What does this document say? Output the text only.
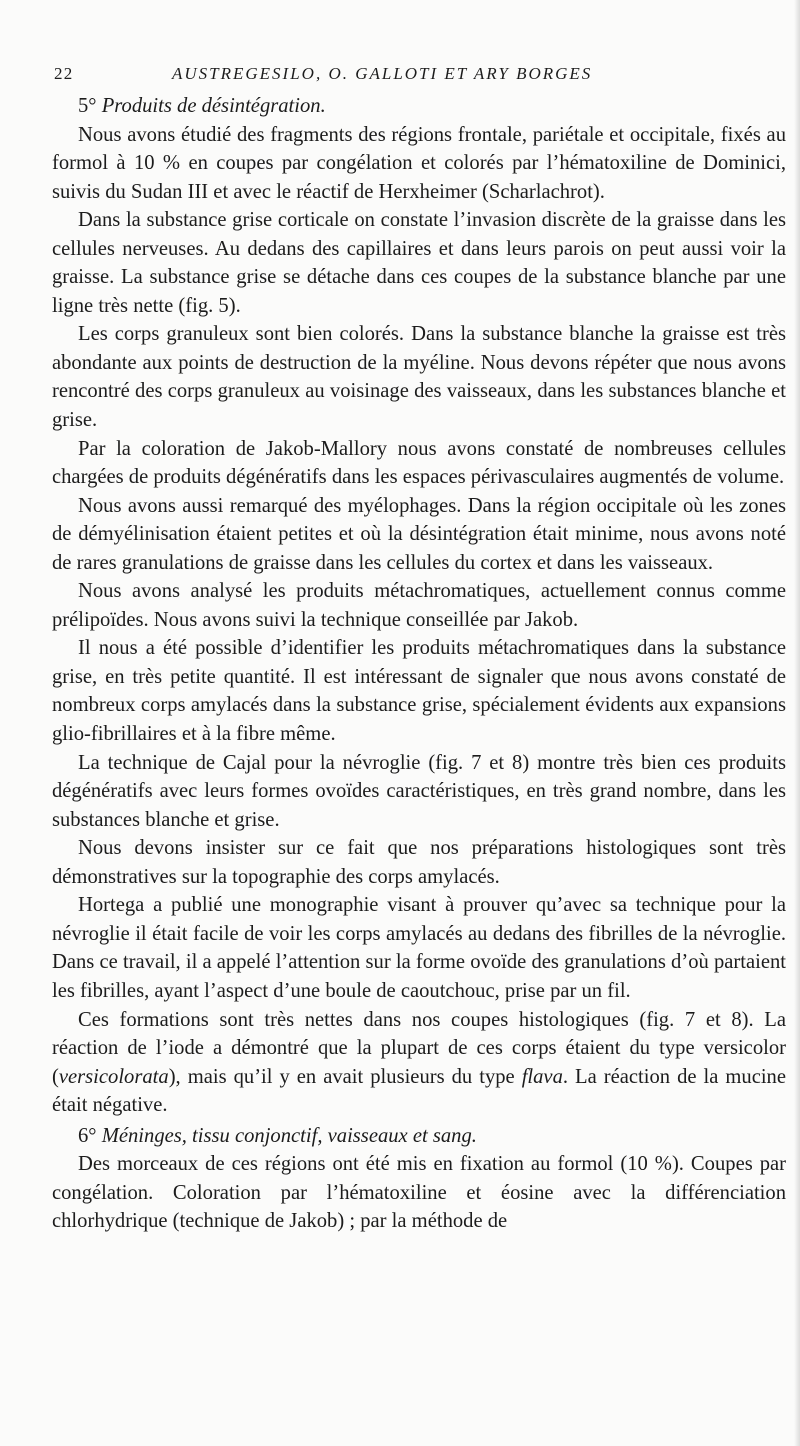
22	AUSTREGESILO, O. GALLOTI ET ARY BORGES

5° Produits de désintégration.

Nous avons étudié des fragments des régions frontale, pariétale et occipitale, fixés au formol à 10 % en coupes par congélation et colorés par l’hématoxiline de Dominici, suivis du Sudan III et avec le réactif de Herxheimer (Scharlachrot).

Dans la substance grise corticale on constate l’invasion discrète de la graisse dans les cellules nerveuses. Au dedans des capillaires et dans leurs parois on peut aussi voir la graisse. La substance grise se détache dans ces coupes de la substance blanche par une ligne très nette (fig. 5).

Les corps granuleux sont bien colorés. Dans la substance blanche la graisse est très abondante aux points de destruction de la myéline. Nous devons répéter que nous avons rencontré des corps granuleux au voisinage des vaisseaux, dans les substances blanche et grise.

Par la coloration de Jakob-Mallory nous avons constaté de nombreuses cellules chargées de produits dégénératifs dans les espaces périvasculaires augmentés de volume.

Nous avons aussi remarqué des myélophages. Dans la région occipitale où les zones de démyélinisation étaient petites et où la désintégration était minime, nous avons noté de rares granulations de graisse dans les cellules du cortex et dans les vaisseaux.

Nous avons analysé les produits métachromatiques, actuellement connus comme prélipoïdes. Nous avons suivi la technique conseillée par Jakob.

Il nous a été possible d’identifier les produits métachromatiques dans la substance grise, en très petite quantité. Il est intéressant de signaler que nous avons constaté de nombreux corps amylacés dans la substance grise, spécialement évidents aux expansions glio-fibrillaires et à la fibre même.

La technique de Cajal pour la névroglie (fig. 7 et 8) montre très bien ces produits dégénératifs avec leurs formes ovoïdes caractéristiques, en très grand nombre, dans les substances blanche et grise.

Nous devons insister sur ce fait que nos préparations histologiques sont très démonstratives sur la topographie des corps amylacés.

Hortega a publié une monographie visant à prouver qu’avec sa technique pour la névroglie il était facile de voir les corps amylacés au dedans des fibrilles de la névroglie. Dans ce travail, il a appelé l’attention sur la forme ovoïde des granulations d’où partaient les fibrilles, ayant l’aspect d’une boule de caoutchouc, prise par un fil.

Ces formations sont très nettes dans nos coupes histologiques (fig. 7 et 8). La réaction de l’iode a démontré que la plupart de ces corps étaient du type versicolor (versicolorata), mais qu’il y en avait plusieurs du type flava. La réaction de la mucine était négative.

6° Méninges, tissu conjonctif, vaisseaux et sang.

Des morceaux de ces régions ont été mis en fixation au formol (10 %). Coupes par congélation. Coloration par l’hématoxiline et éosine avec la différenciation chlorhydrique (technique de Jakob) ; par la méthode de
